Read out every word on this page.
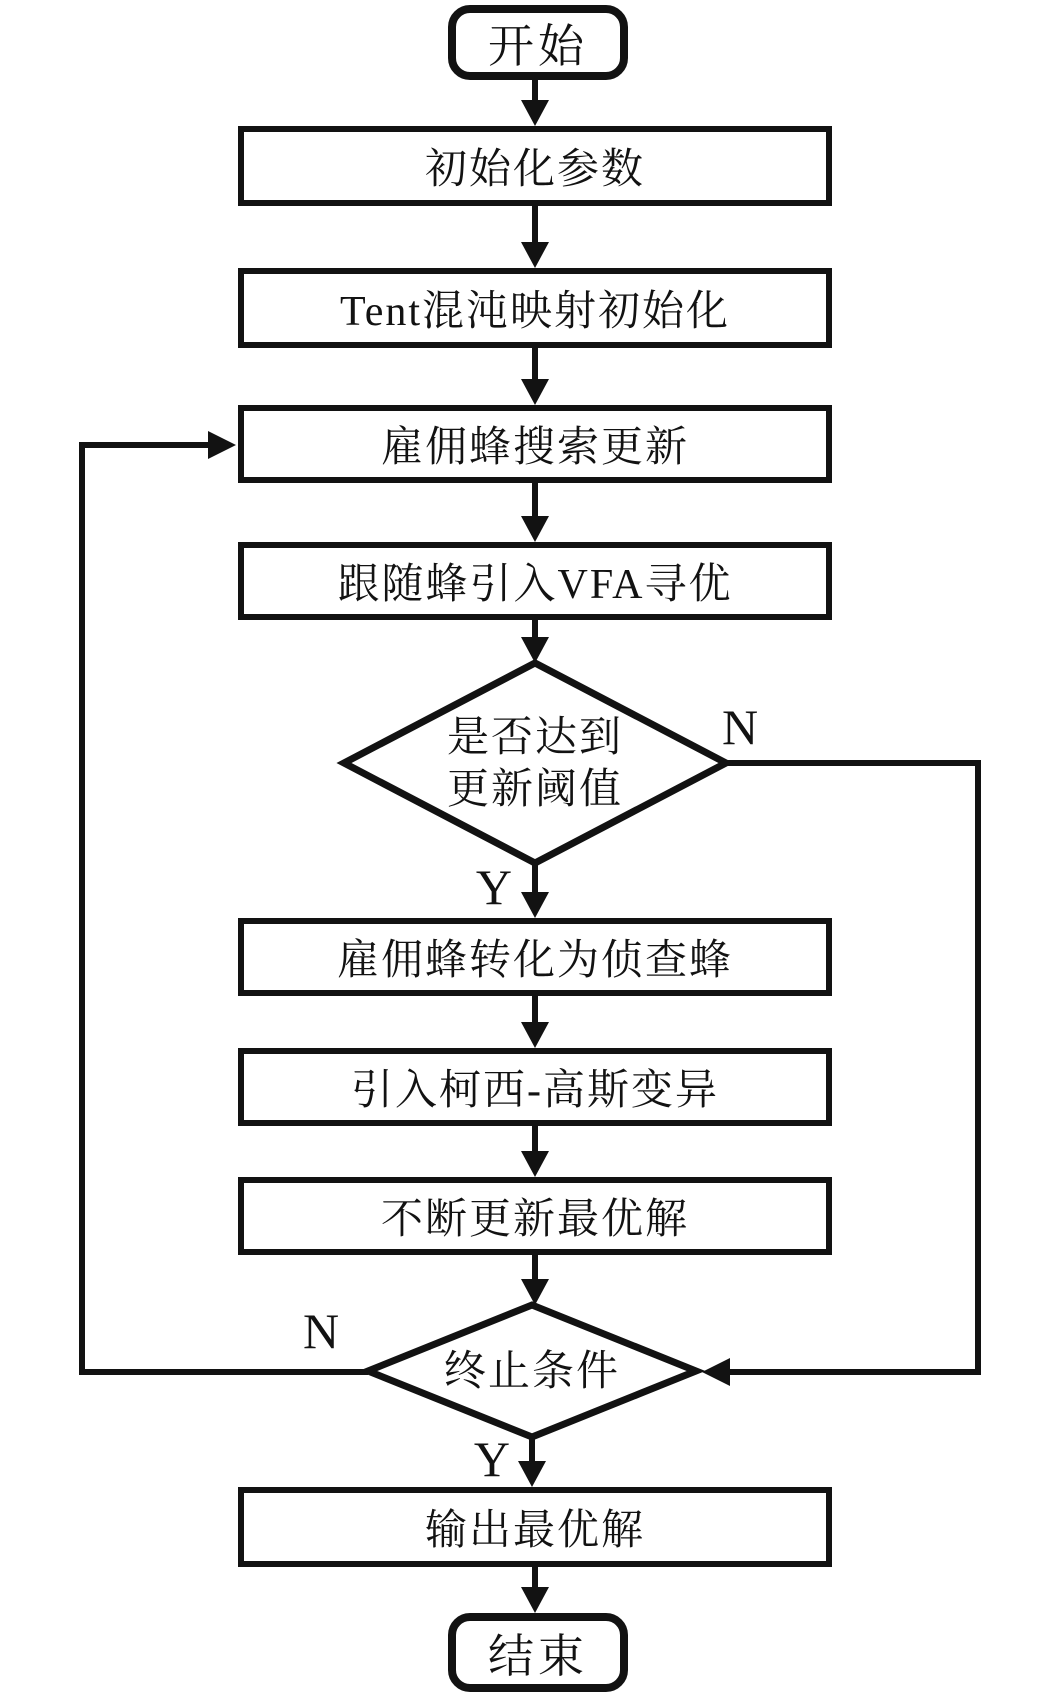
开始
结束
初始化参数
Tent混沌映射初始化
雇佣蜂搜索更新
跟随蜂引入VFA寻优
雇佣蜂转化为侦查蜂
引入柯西-高斯变异
不断更新最优解
输出最优解
是否达到
更新阈值
终止条件
N
Y
N
Y
